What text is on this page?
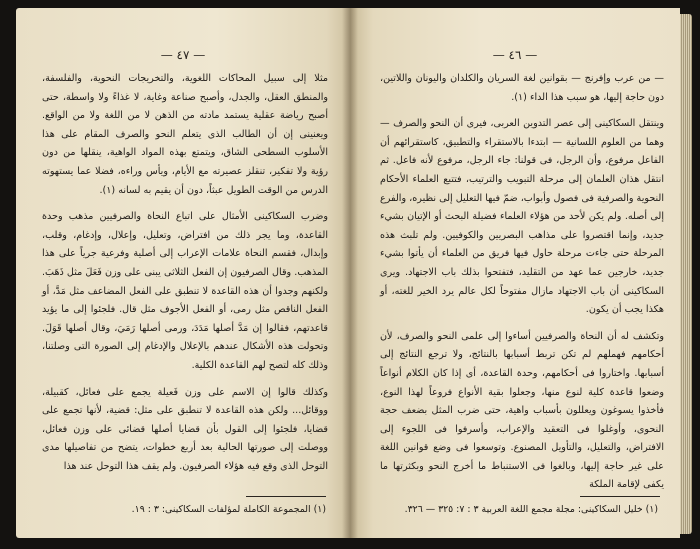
— ٤٧ —

مثلا إلى سبيل المحاكات اللغوية، والتخريجات النحوية، والفلسفة، والمنطق العقل، والجدل، وأصبح صناعة وغاية، لا غذاءً ولا واسطة، حتى أصبح رياضة عقلية يستمد مادته من الذهن لا من اللغة ولا من الواقع. ويعنينى إن أن الطالب الذى يتعلم النحو والصرف المقام على هذا الأسلوب السطحى الشاق، ويتمتع بهذه المواد الواهية، ينقلها من دون رؤية ولا تفكير، تنقلز عصيرته مع الأيام، ويأس وراءه، فضلا عما يستهوته الدرس من الوقت الطويل عبثاً، دون أن يقيم به لسانه (١).

وضرب السكاكينى الأمثال على اتباع النحاة والصرفيين مذهب وحدة القاعدة، وما يجر ذلك من افتراض، وتعليل، وإعلال، وإدغام، وقلب، وإبدال، فقسم النحاة علامات الإعراب إلى أصلية وفرعية جرياً على هذا المذهب. وقال الصرفيون إن الفعل الثلاثى يبنى على وزن فَعَلَ مثل ذَهَبَ. ولكنهم وجدوا أن هذه القاعدة لا تنطبق على الفعل المضاعف مثل مَدَّ، أو الفعل الناقص مثل رمى، أو الفعل الأجوف مثل قال. فلجئوا إلى ما يؤيد قاعدتهم، فقالوا إن مَدَّ أصلها مَدَدَ، ورمى أصلها رَمَيَ، وقال أصلها قَوَلَ. وتحولت هذه الأشكال عندهم بالإعلال والإدغام إلى الصورة التى وصلتنا، وذلك كله لتصح لهم القاعدة الكلية.

وكذلك قالوا إن الاسم على وزن فَعيلة يجمع على فعائل، كقبيلة، ووقائل... ولكن هذه القاعدة لا تنطبق على مثل: قضية، لأنها تجمع على قضايا، فلجئوا إلى القول بأن قضايا أصلها قضائى على وزن فعائل، ووصلت إلى صورتها الحالية بعد أربع خطوات، يتضح من تفاصيلها مدى التوحل الذى وقع فيه هؤلاء الصرفيون. ولم يقف هذا التوحل عند هذا

(١) المجموعة الكاملة لمؤلفات السكاكينى: ٣ : ١٩.
— ٤٦ —

— من عرب وإفرنج — بقوانين لغة السريان والكلدان واليونان واللاتين، دون حاجة إليها، هو سبب هذا الداء (١).

وينتقل السكاكينى إلى عصر التدوين العربى، فيرى أن النحو والصرف — وهما من العلوم اللسانية — ابتدءا بالاستقراء والتطبيق، كاستقرائهم أن الفاعل مرفوع، وأن الرجل، فى قولنا: جاء الرجل، مرفوع لأنه فاعل. ثم انتقل هذان العلمان إلى مرحلة التبويب والترتيب، فتتبع العلماء الأحكام النحوية والصرفية فى فصول وأبواب، ضمّ فيها التعليل إلى نظيره، والفرع إلى أصله. ولم يكن لأحد من هؤلاء العلماء فضيلة البحث أو الإتيان بشيء جديد، وإنما اقتصروا على مذاهب البصريين والكوفيين. ولم تلبث هذه المرحلة حتى جاءت مرحلة حاول فيها فريق من العلماء أن يأتوا بشيء جديد، خارجين عما عهد من التقليد، فتفتحوا بذلك باب الاجتهاد. ويرى السكاكينى أن باب الاجتهاد مازال مفتوحاً لكل عالم يرد الخير للغته، أو هكذا يجب أن يكون.

وتكشف له أن النحاة والصرفيين أساءوا إلى علمى النحو والصرف، لأن أحكامهم فهملهم لم تكن تربط أسبابها بالنتائج، ولا ترجع النتائج إلى أسبابها. واختاروا فى أحكامهم، وحدة القاعدة، أى إذا كان الكلام أنواعاً وضعوا قاعدة كلية لنوع منها، وجعلوا بقية الأنواع فروعاً لهذا النوع، فأخذوا يسوغون ويعللون بأسباب واهية، حتى ضرب المثل بضعف حجة النحوى، وأوغلوا فى التعقيد والإعراب، وأسرفوا فى اللجوء إلى الافتراض، والتعليل، والتأويل المصنوع. وتوسعوا فى وضع قوانين اللغة على غير حاجة إليها، وبالغوا فى الاستنباط ما أخرج النحو وبكثرتها ما يكفى لإقامة الملكة

(١) خليل السكاكينى: مجلة مجمع اللغة العربية ٣ : ٧: ٣٢٥ — ٣٢٦.
